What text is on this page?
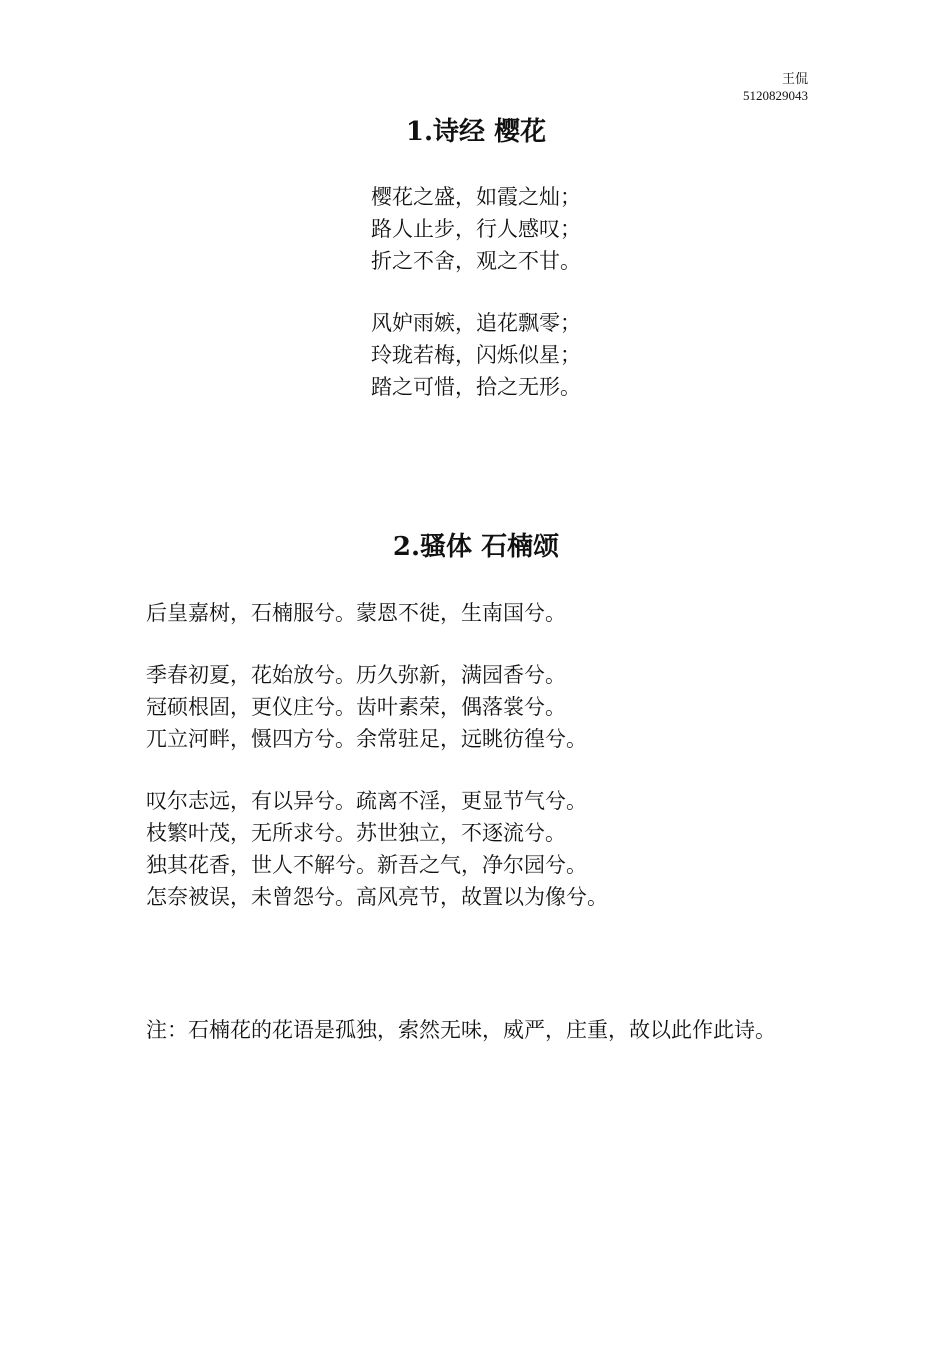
王侃
5120829043
1.诗经 樱花
樱花之盛，如霞之灿；
路人止步，行人感叹；
折之不舍，观之不甘。
风妒雨嫉，追花飘零；
玲珑若梅，闪烁似星；
踏之可惜，拾之无形。
2.骚体 石楠颂
后皇嘉树，石楠服兮。蒙恩不徙，生南国兮。
季春初夏，花始放兮。历久弥新，满园香兮。
冠硕根固，更仪庄兮。齿叶素荣，偶落裳兮。
兀立河畔，慑四方兮。余常驻足，远眺彷徨兮。
叹尔志远，有以异兮。疏离不淫，更显节气兮。
枝繁叶茂，无所求兮。苏世独立，不逐流兮。
独其花香，世人不解兮。新吾之气，净尔园兮。
怎奈被误，未曾怨兮。高风亮节，故置以为像兮。
注：石楠花的花语是孤独，索然无味，威严，庄重，故以此作此诗。
